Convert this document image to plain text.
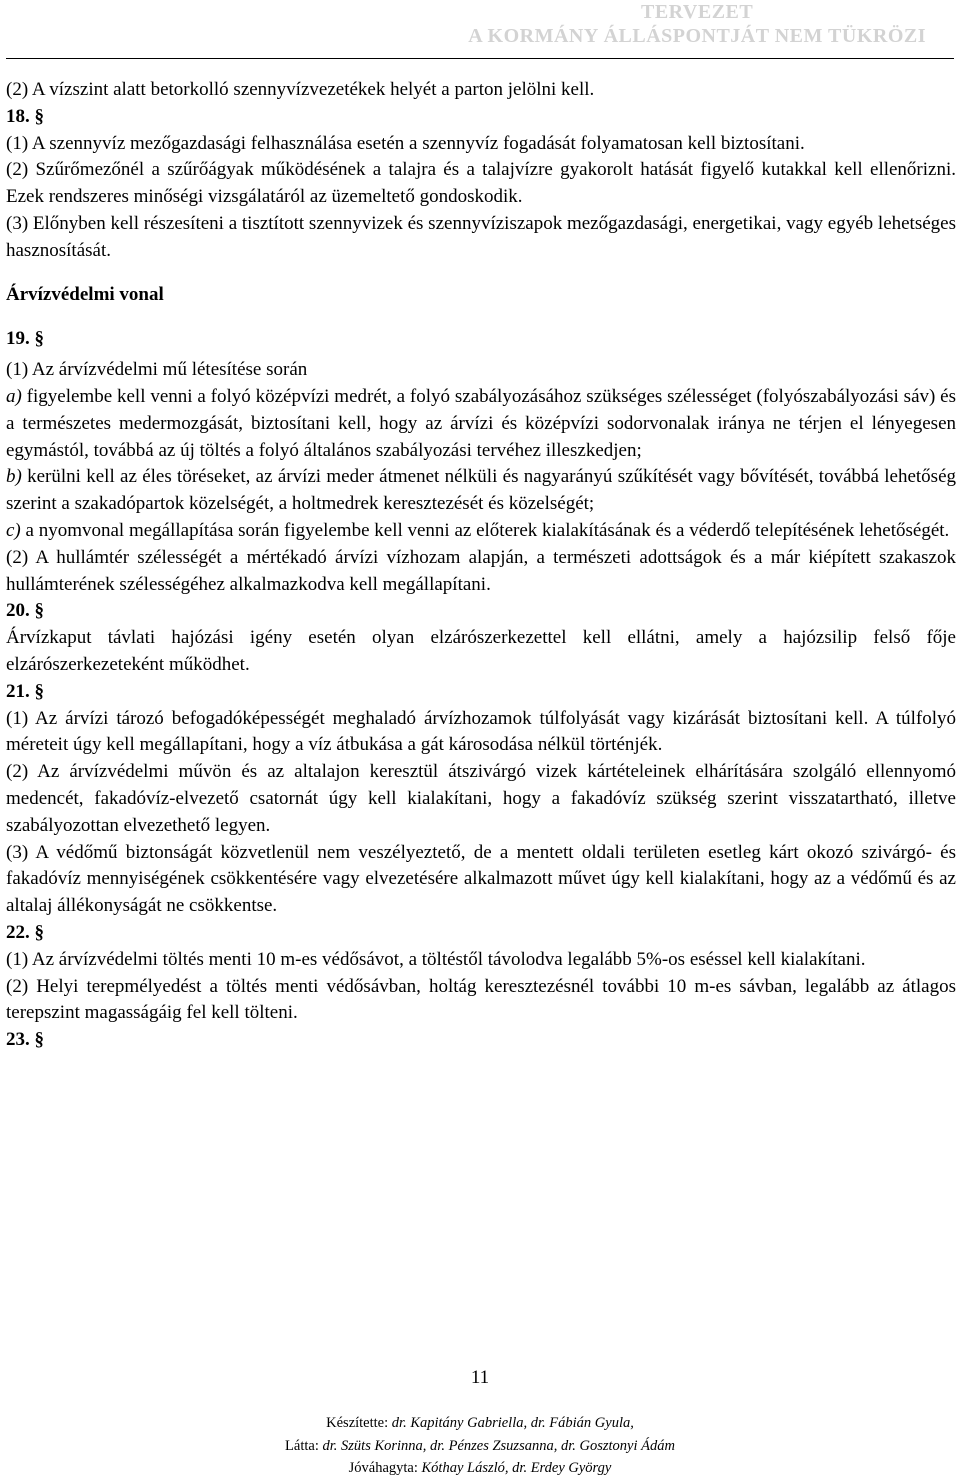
TERVEZET
A KORMÁNY ÁLLÁSPONTJÁT NEM TÜKRÖZI

(2) A vízszint alatt betorkolló szennyvízvezetékek helyét a parton jelölni kell.

18. §

(1) A szennyvíz mezőgazdasági felhasználása esetén a szennyvíz fogadását folyamatosan kell biztosítani.

(2) Szűrőmezőnél a szűrőágyak működésének a talajra és a talajvízre gyakorolt hatását figyelő kutakkal kell ellenőrizni. Ezek rendszeres minőségi vizsgálatáról az üzemeltető gondoskodik.

(3) Előnyben kell részesíteni a tisztított szennyvizek és szennyvíziszapok mezőgazdasági, energetikai, vagy egyéb lehetséges hasznosítását.

Árvízvédelmi vonal

19. §

(1) Az árvízvédelmi mű létesítése során

a) figyelembe kell venni a folyó középvízi medrét, a folyó szabályozásához szükséges szélességet (folyószabályozási sáv) és a természetes medermozgását, biztosítani kell, hogy az árvízi és középvízi sodorvonalak iránya ne térjen el lényegesen egymástól, továbbá az új töltés a folyó általános szabályozási tervéhez illeszkedjen;

b) kerülni kell az éles töréseket, az árvízi meder átmenet nélküli és nagyarányú szűkítését vagy bővítését, továbbá lehetőség szerint a szakadópartok közelségét, a holtmedrek keresztezését és közelségét;

c) a nyomvonal megállapítása során figyelembe kell venni az előterek kialakításának és a véderdő telepítésének lehetőségét.

(2) A hullámtér szélességét a mértékadó árvízi vízhozam alapján, a természeti adottságok és a már kiépített szakaszok hullámterének szélességéhez alkalmazkodva kell megállapítani.

20. §

Árvízkaput távlati hajózási igény esetén olyan elzárószerkezettel kell ellátni, amely a hajózsilip felső fője elzárószerkezeteként működhet.

21. §

(1) Az árvízi tározó befogadóképességét meghaladó árvízhozamok túlfolyását vagy kizárását biztosítani kell. A túlfolyó méreteit úgy kell megállapítani, hogy a víz átbukása a gát károsodása nélkül történjék.

(2) Az árvízvédelmi művön és az altalajon keresztül átszivárgó vizek kártételeinek elhárítására szolgáló ellennyomó medencét, fakadóvíz-elvezető csatornát úgy kell kialakítani, hogy a fakadóvíz szükség szerint visszatartható, illetve szabályozottan elvezethető legyen.

(3) A védőmű biztonságát közvetlenül nem veszélyeztető, de a mentett oldali területen esetleg kárt okozó szivárgó- és fakadóvíz mennyiségének csökkentésére vagy elvezetésére alkalmazott művet úgy kell kialakítani, hogy az a védőmű és az altalaj állékonyságát ne csökkentse.

22. §

(1) Az árvízvédelmi töltés menti 10 m-es védősávot, a töltéstől távolodva legalább 5%-os eséssel kell kialakítani.

(2) Helyi terepmélyedést a töltés menti védősávban, holtág keresztezésnél további 10 m-es sávban, legalább az átlagos terepszint magasságáig fel kell tölteni.

23. §

11
Készítette: dr. Kapitány Gabriella, dr. Fábián Gyula,
Látta: dr. Szüts Korinna, dr. Pénzes Zsuzsanna, dr. Gosztonyi Ádám
Jóváhagyta: Kóthay László, dr. Erdey György
